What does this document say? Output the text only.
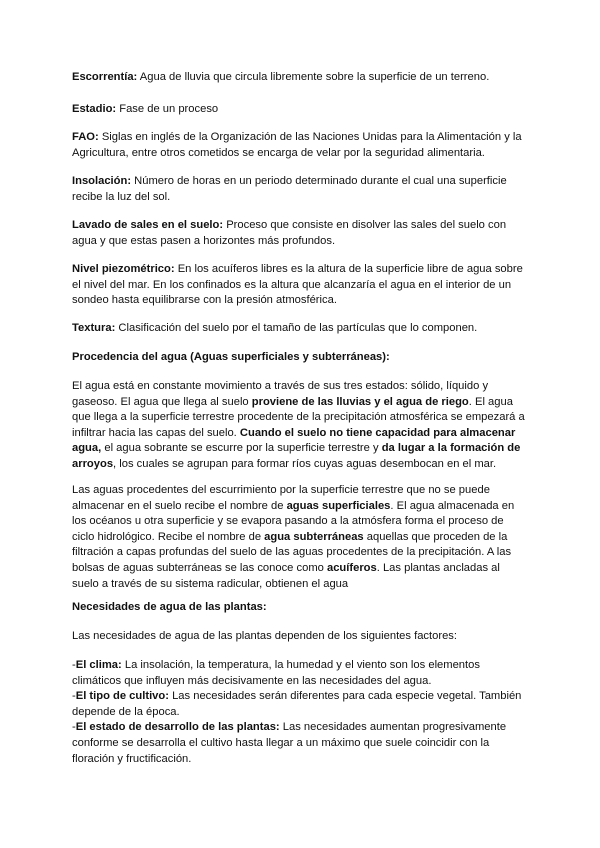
Escorrentía: Agua de lluvia que circula libremente sobre la superficie de un terreno.

Estadio: Fase de un proceso

FAO: Siglas en inglés de la Organización de las Naciones Unidas para la Alimentación y la Agricultura, entre otros cometidos se encarga de velar por la seguridad alimentaria.

Insolación: Número de horas en un periodo determinado durante el cual una superficie recibe la luz del sol.

Lavado de sales en el suelo: Proceso que consiste en disolver las sales del suelo con agua y que estas pasen a horizontes más profundos.

Nivel piezométrico: En los acuíferos libres es la altura de la superficie libre de agua sobre el nivel del mar. En los confinados es la altura que alcanzaría el agua en el interior de un sondeo hasta equilibrarse con la presión atmosférica.

Textura: Clasificación del suelo por el tamaño de las partículas que lo componen.

Procedencia del agua (Aguas superficiales y subterráneas):

El agua está en constante movimiento a través de sus tres estados: sólido, líquido y gaseoso. El agua que llega al suelo proviene de las lluvias y el agua de riego. El agua que llega a la superficie terrestre procedente de la precipitación atmosférica se empezará a infiltrar hacia las capas del suelo. Cuando el suelo no tiene capacidad para almacenar agua, el agua sobrante se escurre por la superficie terrestre y da lugar a la formación de arroyos, los cuales se agrupan para formar ríos cuyas aguas desembocan en el mar.

Las aguas procedentes del escurrimiento por la superficie terrestre que no se puede almacenar en el suelo recibe el nombre de aguas superficiales. El agua almacenada en los océanos u otra superficie y se evapora pasando a la atmósfera forma el proceso de ciclo hidrológico. Recibe el nombre de agua subterráneas aquellas que proceden de la filtración a capas profundas del suelo de las aguas procedentes de la precipitación. A las bolsas de aguas subterráneas se las conoce como acuíferos. Las plantas ancladas al suelo a través de su sistema radicular, obtienen el agua

Necesidades de agua de las plantas:

Las necesidades de agua de las plantas dependen de los siguientes factores:

-El clima: La insolación, la temperatura, la humedad y el viento son los elementos climáticos que influyen más decisivamente en las necesidades del agua.
-El tipo de cultivo: Las necesidades serán diferentes para cada especie vegetal. También depende de la época.
-El estado de desarrollo de las plantas: Las necesidades aumentan progresivamente conforme se desarrolla el cultivo hasta llegar a un máximo que suele coincidir con la floración y fructificación.
